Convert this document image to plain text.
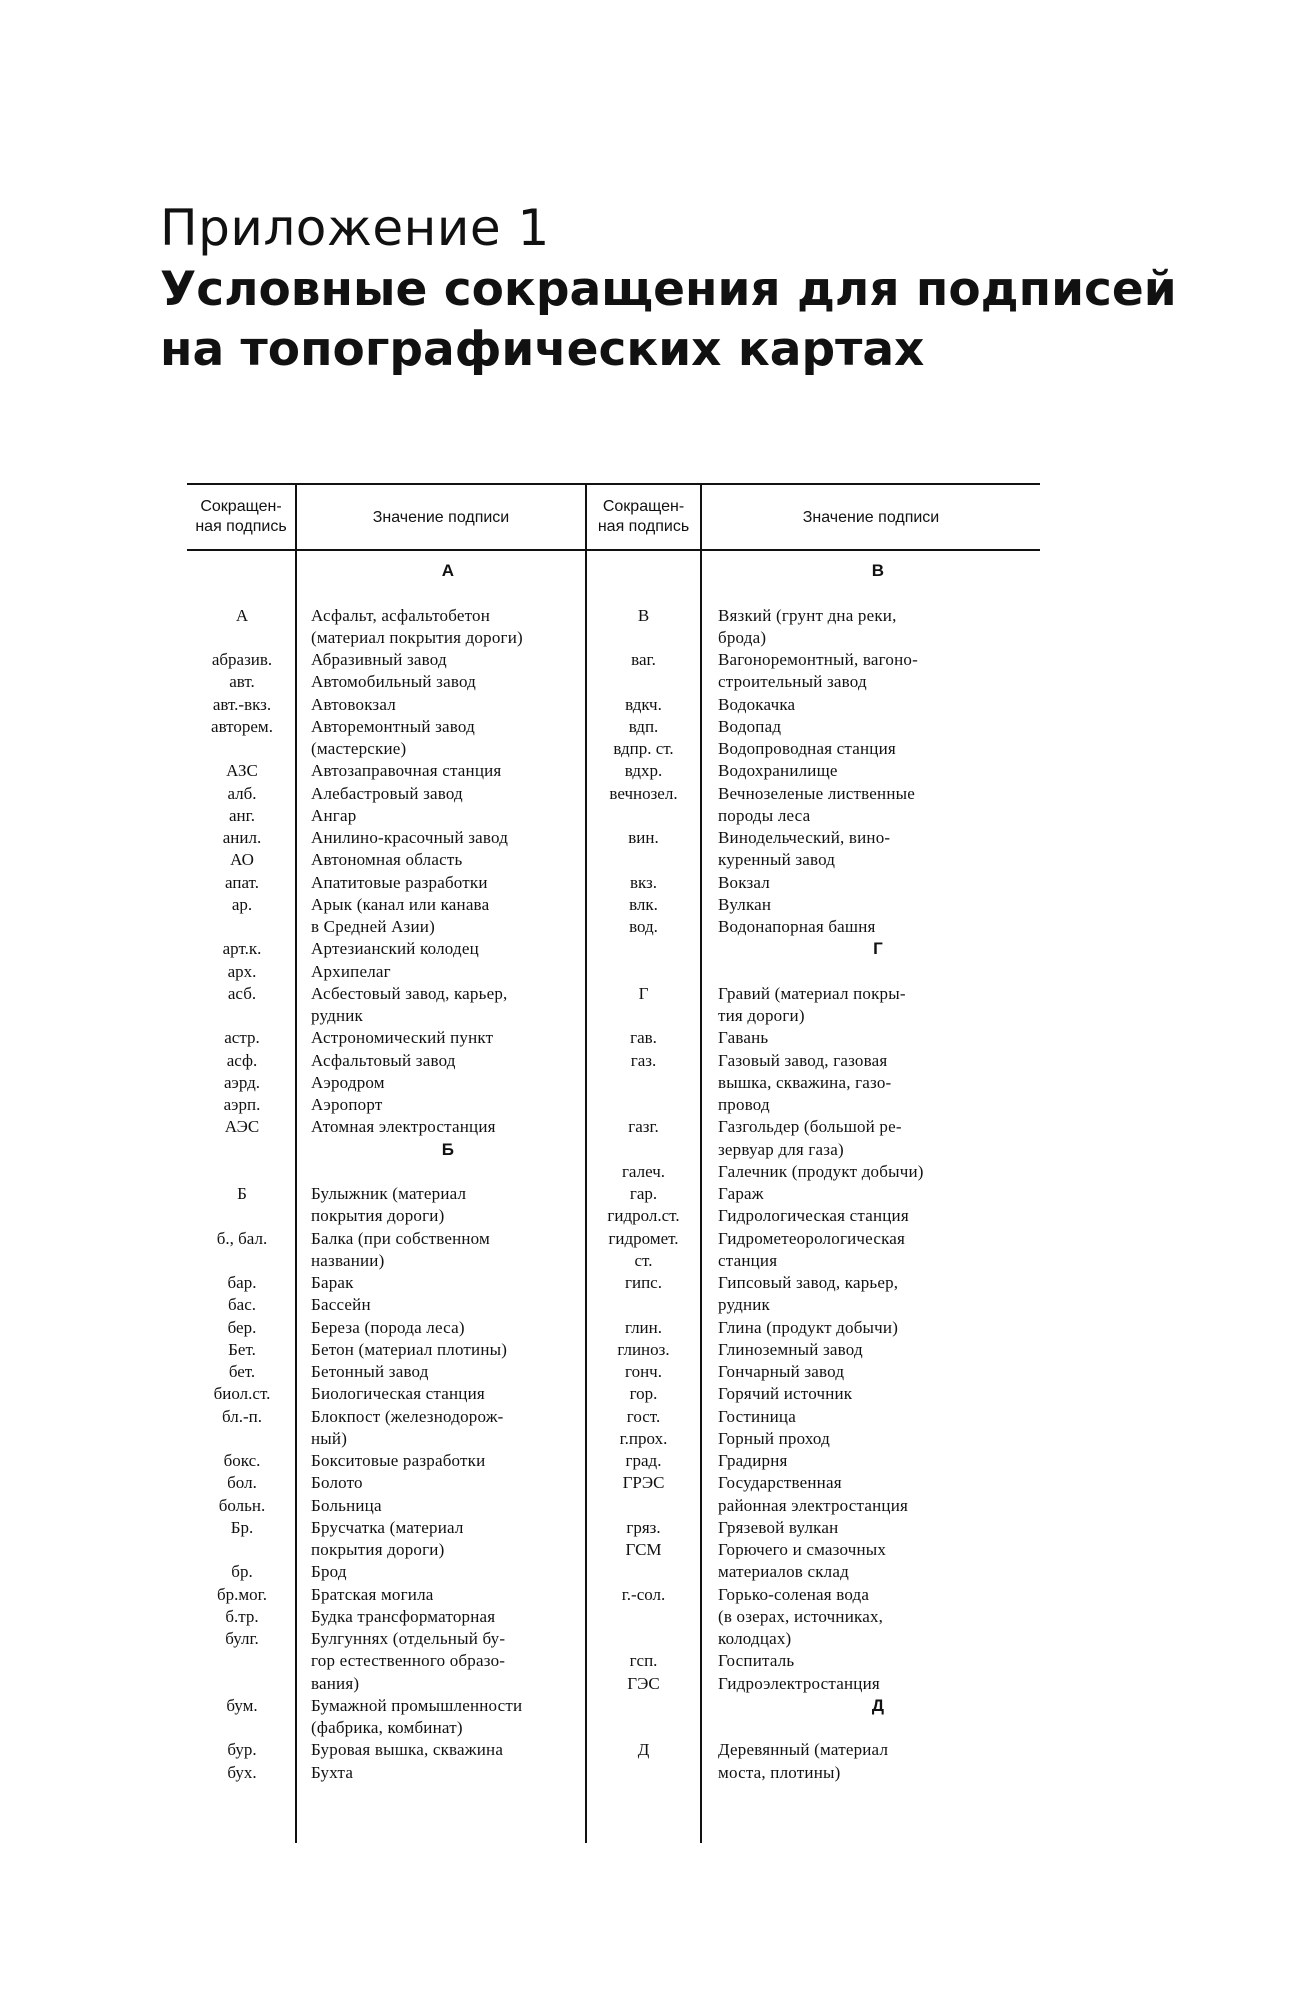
Приложение 1
Условные сокращения для подписей
на топографических картах
Сокращен-
ная подпись
Значение подписи
Сокращен-
ная подпись
Значение подписи
А
абразив.
авт.
авт.-вкз.
авторем.
АЗС
алб.
анг.
анил.
АО
апат.
ар.
арт.к.
арх.
асб.
астр.
асф.
аэрд.
аэрп.
АЭС
Б
б., бал.
бар.
бас.
бер.
Бет.
бет.
биол.ст.
бл.-п.
бокс.
бол.
больн.
Бр.
бр.
бр.мог.
б.тр.
булг.
бум.
бур.
бух.
А
Асфальт, асфальтобетон
(материал покрытия дороги)
Абразивный завод
Автомобильный завод
Автовокзал
Авторемонтный завод
(мастерские)
Автозаправочная станция
Алебастровый завод
Ангар
Анилино-красочный завод
Автономная область
Апатитовые разработки
Арык (канал или канава
в Средней Азии)
Артезианский колодец
Архипелаг
Асбестовый завод, карьер,
рудник
Астрономический пункт
Асфальтовый завод
Аэродром
Аэропорт
Атомная электростанция
Б
Булыжник (материал
покрытия дороги)
Балка (при собственном
названии)
Барак
Бассейн
Береза (порода леса)
Бетон (материал плотины)
Бетонный завод
Биологическая станция
Блокпост (железнодорож-
ный)
Бокситовые разработки
Болото
Больница
Брусчатка (материал
покрытия дороги)
Брод
Братская могила
Будка трансформаторная
Булгуннях (отдельный бу-
гор естественного образо-
вания)
Бумажной промышленности
(фабрика, комбинат)
Буровая вышка, скважина
Бухта
В
ваг.
вдкч.
вдп.
вдпр. ст.
вдхр.
вечнозел.
вин.
вкз.
влк.
вод.
Г
гав.
газ.
газг.
галеч.
гар.
гидрол.ст.
гидромет.
ст.
гипс.
глин.
глиноз.
гонч.
гор.
гост.
г.прох.
град.
ГРЭС
гряз.
ГСМ
г.-сол.
гсп.
ГЭС
Д
В
Вязкий (грунт дна реки,
брода)
Вагоноремонтный, вагоно-
строительный завод
Водокачка
Водопад
Водопроводная станция
Водохранилище
Вечнозеленые лиственные
породы леса
Винодельческий, вино-
куренный завод
Вокзал
Вулкан
Водонапорная башня
Г
Гравий (материал покры-
тия дороги)
Гавань
Газовый завод, газовая
вышка, скважина, газо-
провод
Газгольдер (большой ре-
зервуар для газа)
Галечник (продукт добычи)
Гараж
Гидрологическая станция
Гидрометеорологическая
станция
Гипсовый завод, карьер,
рудник
Глина (продукт добычи)
Глиноземный завод
Гончарный завод
Горячий источник
Гостиница
Горный проход
Градирня
Государственная
районная электростанция
Грязевой вулкан
Горючего и смазочных
материалов склад
Горько-соленая вода
(в озерах, источниках,
колодцах)
Госпиталь
Гидроэлектростанция
Д
Деревянный (материал
моста, плотины)
